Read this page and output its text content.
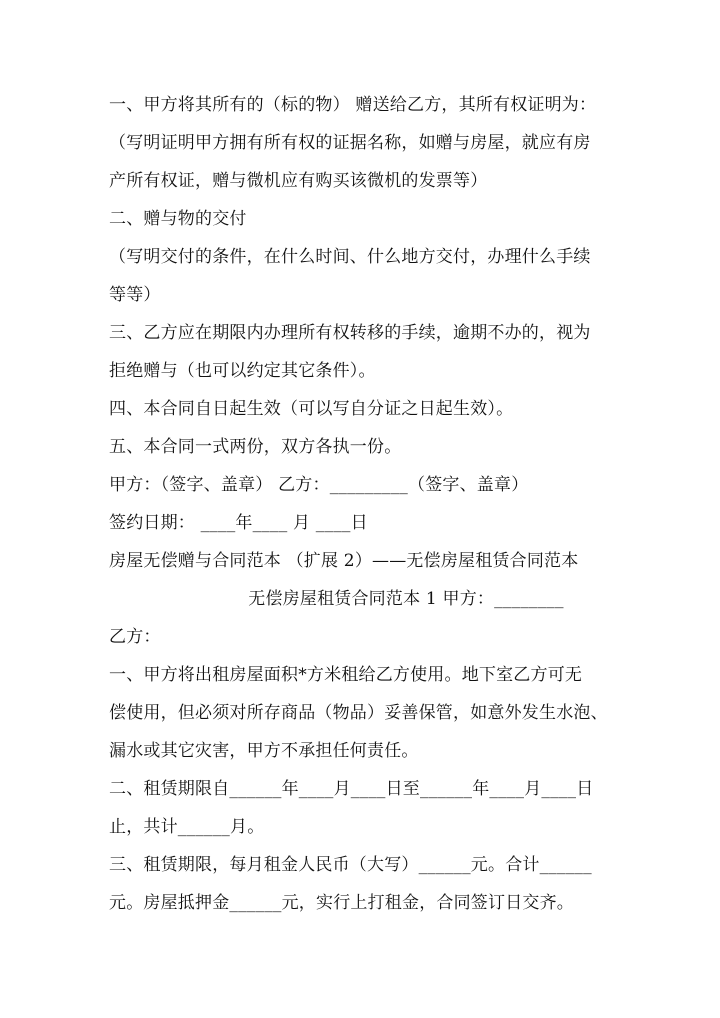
一、甲方将其所有的（标的物） 赠送给乙方，其所有权证明为：
（写明证明甲方拥有所有权的证据名称，如赠与房屋，就应有房
产所有权证，赠与微机应有购买该微机的发票等）
二、赠与物的交付
（写明交付的条件，在什么时间、什么地方交付，办理什么手续
等等）
三、乙方应在期限内办理所有权转移的手续，逾期不办的，视为
拒绝赠与（也可以约定其它条件）。
四、本合同自日起生效（可以写自分证之日起生效）。
五、本合同一式两份，双方各执一份。
甲方：（签字、盖章） 乙方：_________（签字、盖章）
签约日期： ____年____ 月 ____日
房屋无偿赠与合同范本 （扩展 2）——无偿房屋租赁合同范本
无偿房屋租赁合同范本 1 甲方：________
乙方：
一、甲方将出租房屋面积*方米租给乙方使用。地下室乙方可无
偿使用，但必须对所存商品（物品）妥善保管，如意外发生水泡、
漏水或其它灾害，甲方不承担任何责任。
二、租赁期限自______年____月____日至______年____月____日
止，共计______月。
三、租赁期限，每月租金人民币（大写）______元。合计______
元。房屋抵押金______元，实行上打租金，合同签订日交齐。
